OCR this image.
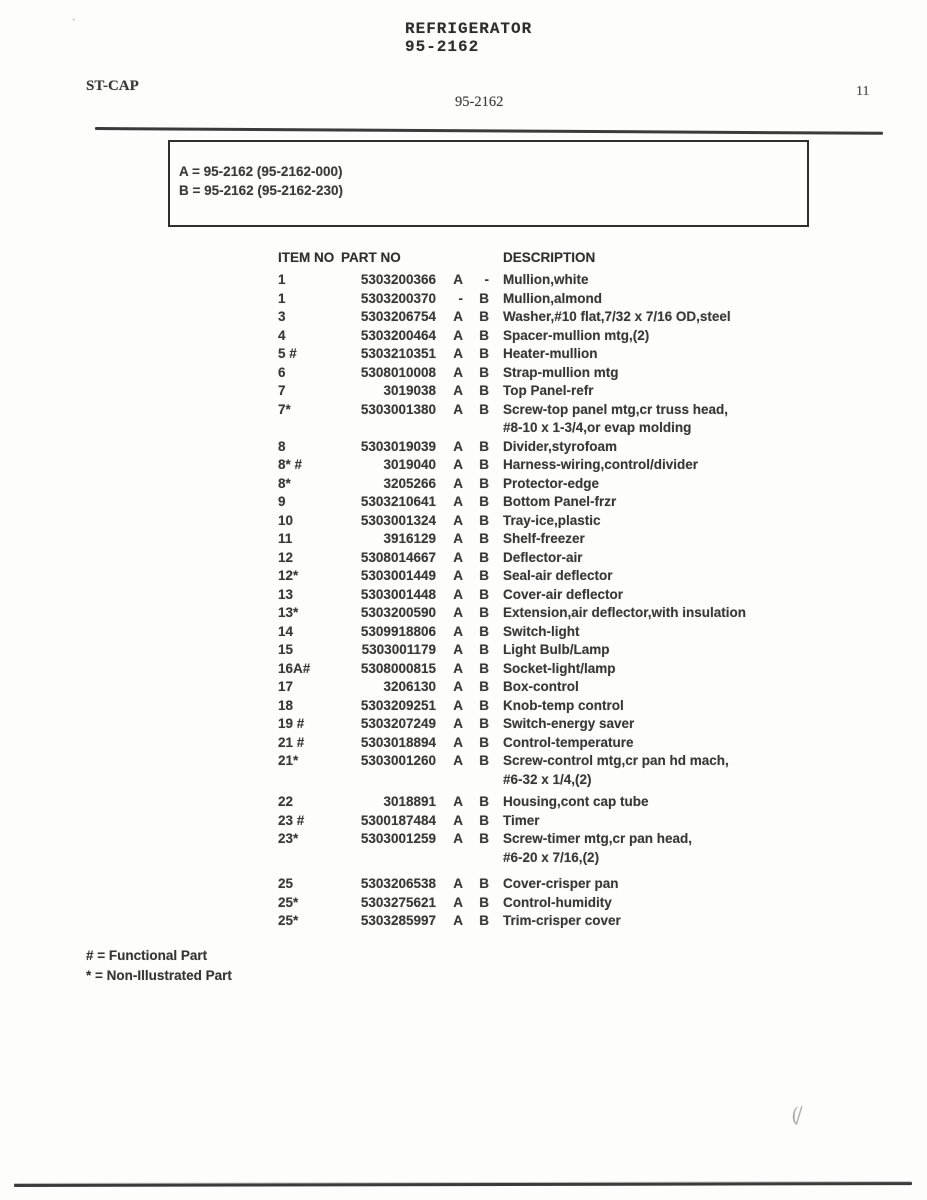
`	REFRIGERATOR
95-2162
ST-CAP	11
95-2162
A = 95-2162 (95-2162-000)
B = 95-2162 (95-2162-230)
ITEM NO PART NO	DESCRIPTION
1	5303200366	A	-	Mullion,white
1	5303200370	-	B	Mullion,almond
3	5303206754	A	B	Washer,#10 flat,7/32 x 7/16 OD,steel
4	5303200464	A	B	Spacer-mullion mtg,(2)
5 #	5303210351	A	B	Heater-mullion
6	5308010008	A	B	Strap-mullion mtg
7	3019038	A	B	Top Panel-refr
7*	5303001380	A	B	Screw-top panel mtg,cr truss head,
#8-10 x 1-3/4,or evap molding
8	5303019039	A	B	Divider,styrofoam
8* #	3019040	A	B	Harness-wiring,control/divider
8*	3205266	A	B	Protector-edge
9	5303210641	A	B	Bottom Panel-frzr
10	5303001324	A	B	Tray-ice,plastic
11	3916129	A	B	Shelf-freezer
12	5308014667	A	B	Deflector-air
12*	5303001449	A	B	Seal-air deflector
13	5303001448	A	B	Cover-air deflector
13*	5303200590	A	B	Extension,air deflector,with insulation
14	5309918806	A	B	Switch-light
15	5303001179	A	B	Light Bulb/Lamp
16A#	5308000815	A	B	Socket-light/lamp
17	3206130	A	B	Box-control
18	5303209251	A	B	Knob-temp control
19 #	5303207249	A	B	Switch-energy saver
21 #	5303018894	A	B	Control-temperature
21*	5303001260	A	B	Screw-control mtg,cr pan hd mach,
#6-32 x 1/4,(2)
22	3018891	A	B	Housing,cont cap tube
23 #	5300187484	A	B	Timer
23*	5303001259	A	B	Screw-timer mtg,cr pan head,
#6-20 x 7/16,(2)
25	5303206538	A	B	Cover-crisper pan
25*	5303275621	A	B	Control-humidity
25*	5303285997	A	B	Trim-crisper cover
# = Functional Part
* = Non-Illustrated Part
(/
